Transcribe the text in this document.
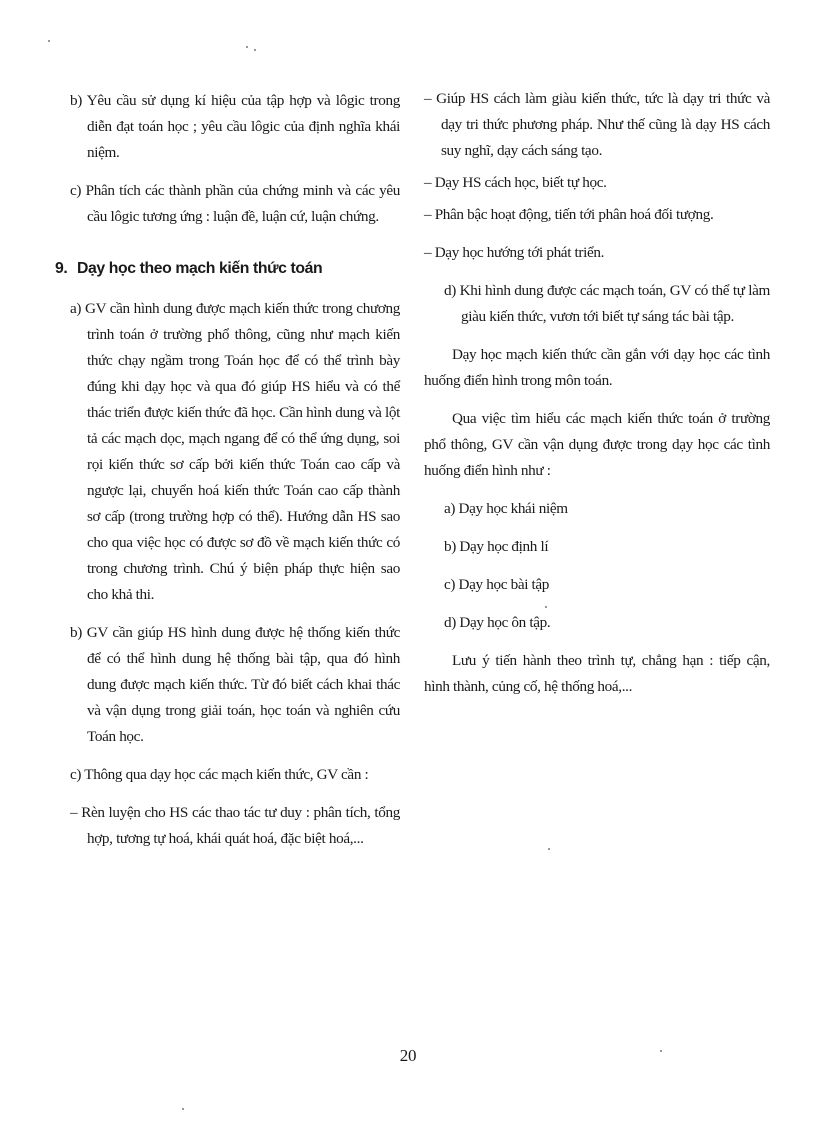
b) Yêu cầu sử dụng kí hiệu của tập hợp và lôgic trong diễn đạt toán học ; yêu cầu lôgic của định nghĩa khái niệm.

c) Phân tích các thành phần của chứng minh và các yêu cầu lôgic tương ứng : luận đề, luận cứ, luận chứng.

9. Dạy học theo mạch kiến thức toán

a) GV cần hình dung được mạch kiến thức trong chương trình toán ở trường phổ thông, cũng như mạch kiến thức chạy ngầm trong Toán học để có thể trình bày đúng khi dạy học và qua đó giúp HS hiểu và có thể thác triển được kiến thức đã học. Cần hình dung và lột tả các mạch dọc, mạch ngang để có thể ứng dụng, soi rọi kiến thức sơ cấp bởi kiến thức Toán cao cấp và ngược lại, chuyển hoá kiến thức Toán cao cấp thành sơ cấp (trong trường hợp có thể). Hướng dẫn HS sao cho qua việc học có được sơ đồ về mạch kiến thức có trong chương trình. Chú ý biện pháp thực hiện sao cho khả thi.

b) GV cần giúp HS hình dung được hệ thống kiến thức để có thể hình dung hệ thống bài tập, qua đó hình dung được mạch kiến thức. Từ đó biết cách khai thác và vận dụng trong giải toán, học toán và nghiên cứu Toán học.

c) Thông qua dạy học các mạch kiến thức, GV cần :

– Rèn luyện cho HS các thao tác tư duy : phân tích, tổng hợp, tương tự hoá, khái quát hoá, đặc biệt hoá,...

– Giúp HS cách làm giàu kiến thức, tức là dạy tri thức và dạy tri thức phương pháp. Như thế cũng là dạy HS cách suy nghĩ, dạy cách sáng tạo.

– Dạy HS cách học, biết tự học.

– Phân bậc hoạt động, tiến tới phân hoá đối tượng.

– Dạy học hướng tới phát triển.

d) Khi hình dung được các mạch toán, GV có thể tự làm giàu kiến thức, vươn tới biết tự sáng tác bài tập.

Dạy học mạch kiến thức cần gắn với dạy học các tình huống điển hình trong môn toán.

Qua việc tìm hiểu các mạch kiến thức toán ở trường phổ thông, GV cần vận dụng được trong dạy học các tình huống điển hình như :

a) Dạy học khái niệm

b) Dạy học định lí

c) Dạy học bài tập

d) Dạy học ôn tập.

Lưu ý tiến hành theo trình tự, chẳng hạn : tiếp cận, hình thành, củng cố, hệ thống hoá,...

20
